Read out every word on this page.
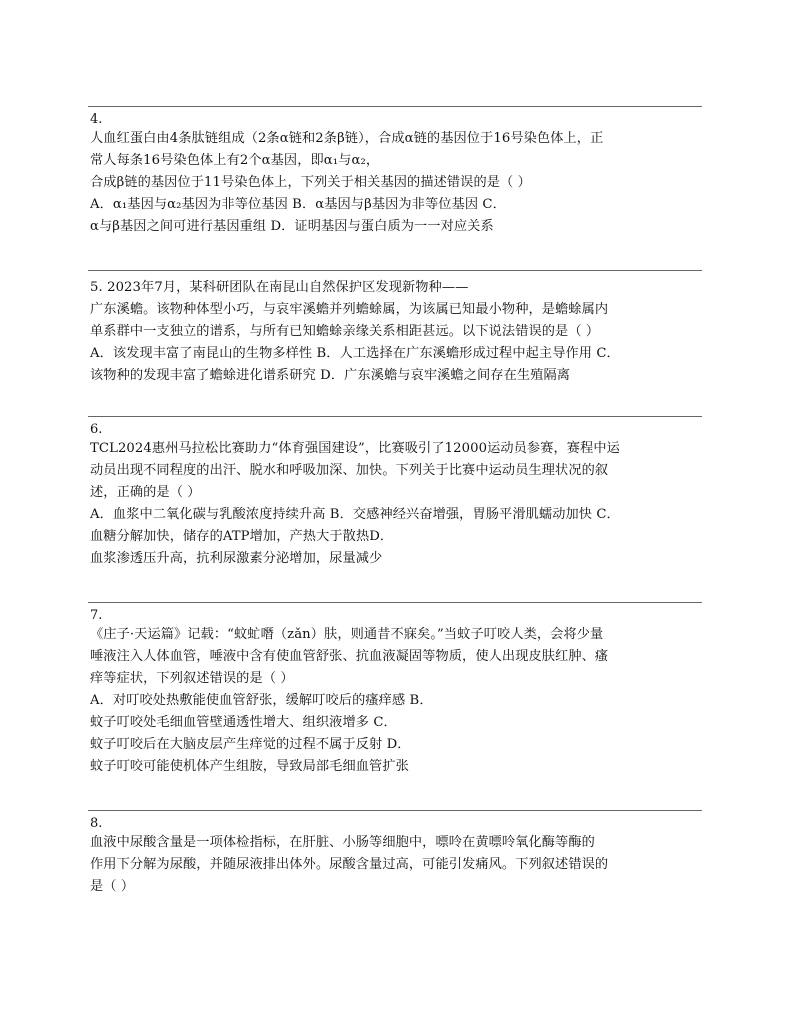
4.
人血红蛋白由4条肽链组成（2条α链和2条β链），合成α链的基因位于16号染色体上，正
常人每条16号染色体上有2个α基因，即α₁与α₂，
合成β链的基因位于11号染色体上，下列关于相关基因的描述错误的是（ ）
A．α₁基因与α₂基因为非等位基因 B．α基因与β基因为非等位基因 C．
α与β基因之间可进行基因重组 D．证明基因与蛋白质为一一对应关系
5. 2023年7月，某科研团队在南昆山自然保护区发现新物种——
广东溪蟾。该物种体型小巧，与哀牢溪蟾并列蟾蜍属，为该属已知最小物种，是蟾蜍属内
单系群中一支独立的谱系，与所有已知蟾蜍亲缘关系相距甚远。以下说法错误的是（ ）
A．该发现丰富了南昆山的生物多样性 B．人工选择在广东溪蟾形成过程中起主导作用 C．
该物种的发现丰富了蟾蜍进化谱系研究 D．广东溪蟾与哀牢溪蟾之间存在生殖隔离
6.
TCL2024惠州马拉松比赛助力“体育强国建设”，比赛吸引了12000运动员参赛，赛程中运
动员出现不同程度的出汗、脱水和呼吸加深、加快。下列关于比赛中运动员生理状况的叙
述，正确的是（ ）
A．血浆中二氧化碳与乳酸浓度持续升高 B．交感神经兴奋增强，胃肠平滑肌蠕动加快 C．
血糖分解加快，储存的ATP增加，产热大于散热D．
血浆渗透压升高，抗利尿激素分泌增加，尿量减少
7.
《庄子·天运篇》记载：“蚊虻噆（zǎn）肤，则通昔不寐矣。”当蚊子叮咬人类，会将少量
唾液注入人体血管，唾液中含有使血管舒张、抗血液凝固等物质，使人出现皮肤红肿、瘙
痒等症状，下列叙述错误的是（ ）
A．对叮咬处热敷能使血管舒张，缓解叮咬后的瘙痒感 B．
蚊子叮咬处毛细血管壁通透性增大、组织液增多 C．
蚊子叮咬后在大脑皮层产生痒觉的过程不属于反射 D．
蚊子叮咬可能使机体产生组胺，导致局部毛细血管扩张
8.
血液中尿酸含量是一项体检指标，在肝脏、小肠等细胞中，嘌呤在黄嘌呤氧化酶等酶的
作用下分解为尿酸，并随尿液排出体外。尿酸含量过高，可能引发痛风。下列叙述错误的
是（ ）
